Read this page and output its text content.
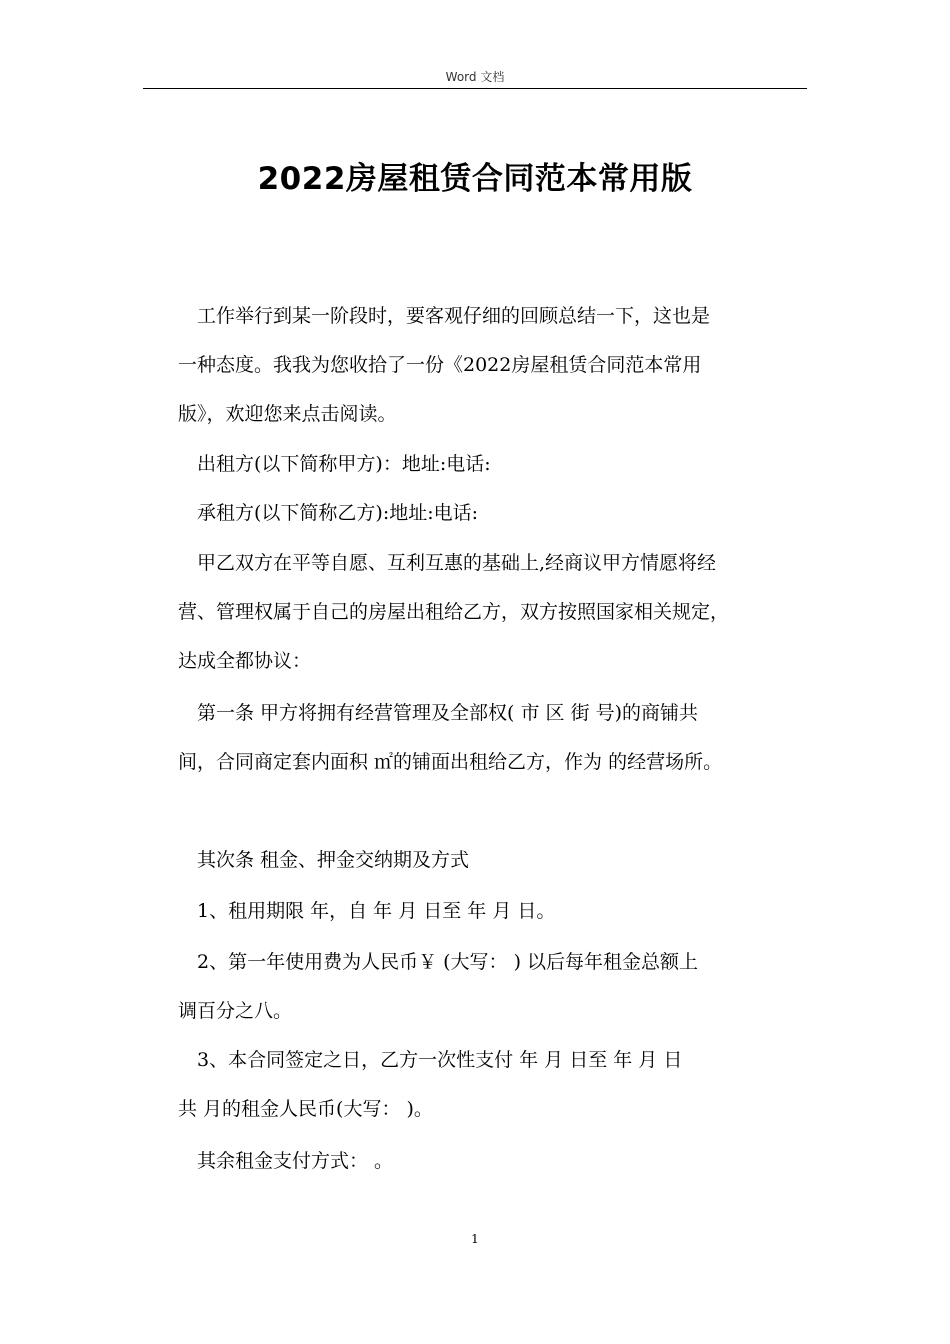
Word 文档
2022房屋租赁合同范本常用版

　工作举行到某一阶段时，要客观仔细的回顾总结一下，这也是

一种态度。我我为您收拾了一份《2022房屋租赁合同范本常用

版》，欢迎您来点击阅读。

　出租方(以下简称甲方)：地址:电话:

　承租方(以下简称乙方):地址:电话:

　甲乙双方在平等自愿、互利互惠的基础上,经商议甲方情愿将经

营、管理权属于自己的房屋出租给乙方，双方按照国家相关规定，

达成全都协议：

　第一条 甲方将拥有经营管理及全部权( 市 区 街 号)的商铺共

间，合同商定套内面积 ㎡的铺面出租给乙方，作为 的经营场所。

　其次条 租金、押金交纳期及方式

　1、租用期限 年，自 年 月 日至 年 月 日。

　2、第一年使用费为人民币￥ (大写： ) 以后每年租金总额上

调百分之八。

　3、本合同签定之日，乙方一次性支付 年 月 日至 年 月 日

共 月的租金人民币(大写： )。

　其余租金支付方式： 。

1
